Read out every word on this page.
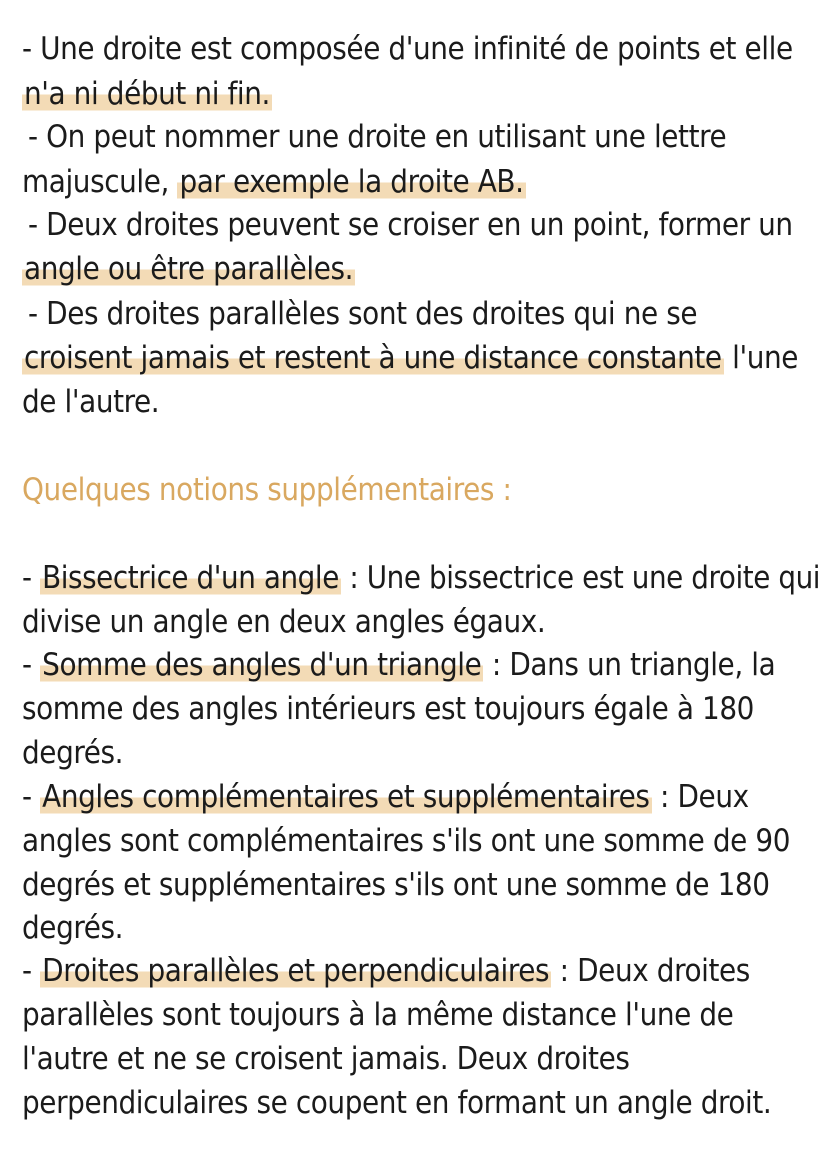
- Une droite est composée d'une infinité de points et elle
n'a ni début ni fin.
- On peut nommer une droite en utilisant une lettre
majuscule, par exemple la droite AB.
- Deux droites peuvent se croiser en un point, former un
angle ou être parallèles.
- Des droites parallèles sont des droites qui ne se
croisent jamais et restent à une distance constante l'une
de l'autre.
Quelques notions supplémentaires :
- Bissectrice d'un angle : Une bissectrice est une droite qui
divise un angle en deux angles égaux.
- Somme des angles d'un triangle : Dans un triangle, la
somme des angles intérieurs est toujours égale à 180
degrés.
- Angles complémentaires et supplémentaires : Deux
angles sont complémentaires s'ils ont une somme de 90
degrés et supplémentaires s'ils ont une somme de 180
degrés.
- Droites parallèles et perpendiculaires : Deux droites
parallèles sont toujours à la même distance l'une de
l'autre et ne se croisent jamais. Deux droites
perpendiculaires se coupent en formant un angle droit.
